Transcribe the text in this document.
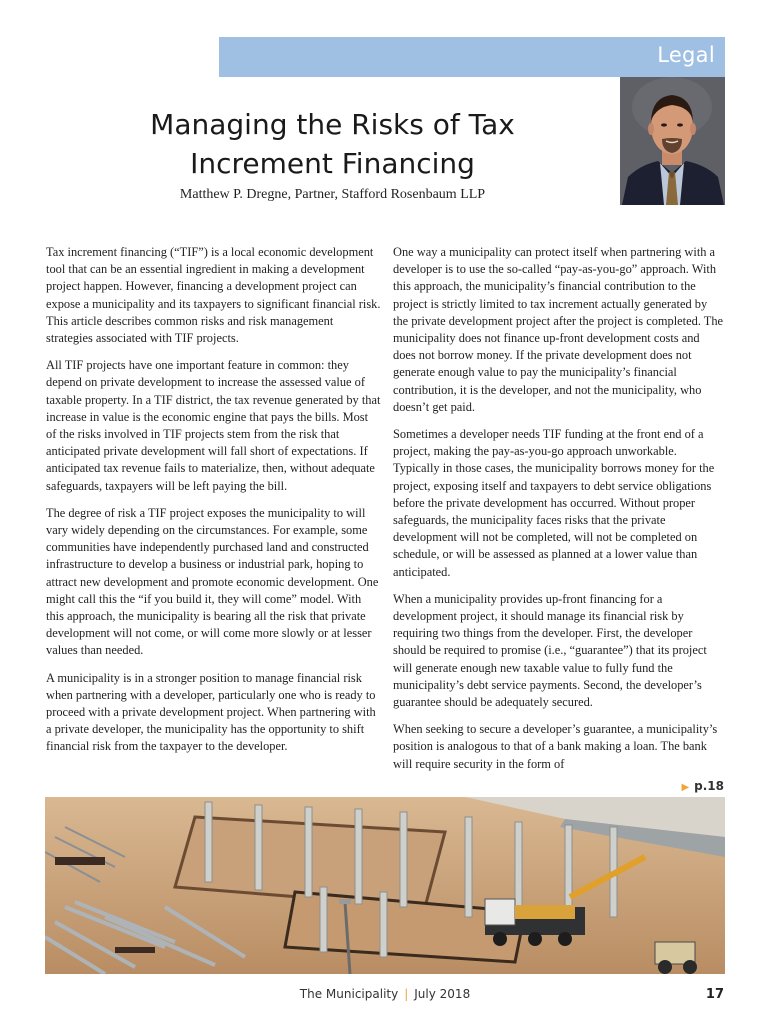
Legal
Managing the Risks of Tax
Increment Financing
Matthew P. Dregne, Partner, Stafford Rosenbaum LLP

Tax increment financing (“TIF”) is a local economic development tool that can be an essential ingredient in making a development project happen. However, financing a development project can expose a municipality and its taxpayers to significant financial risk. This article describes common risks and risk management strategies associated with TIF projects.

All TIF projects have one important feature in common: they depend on private development to increase the assessed value of taxable property. In a TIF district, the tax revenue generated by that increase in value is the economic engine that pays the bills. Most of the risks involved in TIF projects stem from the risk that anticipated private development will fall short of expectations. If anticipated tax revenue fails to materialize, then, without adequate safeguards, taxpayers will be left paying the bill.

The degree of risk a TIF project exposes the municipality to will vary widely depending on the circumstances. For example, some communities have independently purchased land and constructed infrastructure to develop a business or industrial park, hoping to attract new development and promote economic development. One might call this the “if you build it, they will come” model. With this approach, the municipality is bearing all the risk that private development will not come, or will come more slowly or at lesser values than needed.

A municipality is in a stronger position to manage financial risk when partnering with a developer, particularly one who is ready to proceed with a private development project. When partnering with a private developer, the municipality has the opportunity to shift financial risk from the taxpayer to the developer.

One way a municipality can protect itself when partnering with a developer is to use the so-called “pay-as-you-go” approach. With this approach, the municipality’s financial contribution to the project is strictly limited to tax increment actually generated by the private development project after the project is completed. The municipality does not finance up-front development costs and does not borrow money. If the private development does not generate enough value to pay the municipality’s financial contribution, it is the developer, and not the municipality, who doesn’t get paid.

Sometimes a developer needs TIF funding at the front end of a project, making the pay-as-you-go approach unworkable. Typically in those cases, the municipality borrows money for the project, exposing itself and taxpayers to debt service obligations before the private development has occurred. Without proper safeguards, the municipality faces risks that the private development will not be completed, will not be completed on schedule, or will be assessed as planned at a lower value than anticipated.

When a municipality provides up-front financing for a development project, it should manage its financial risk by requiring two things from the developer. First, the developer should be required to promise (i.e., “guarantee”) that its project will generate enough new taxable value to fully fund the municipality’s debt service payments. Second, the developer’s guarantee should be adequately secured.

When seeking to secure a developer’s guarantee, a municipality’s position is analogous to that of a bank making a loan. The bank will require security in the form of

▶ p.18
The Municipality | July 2018	17
